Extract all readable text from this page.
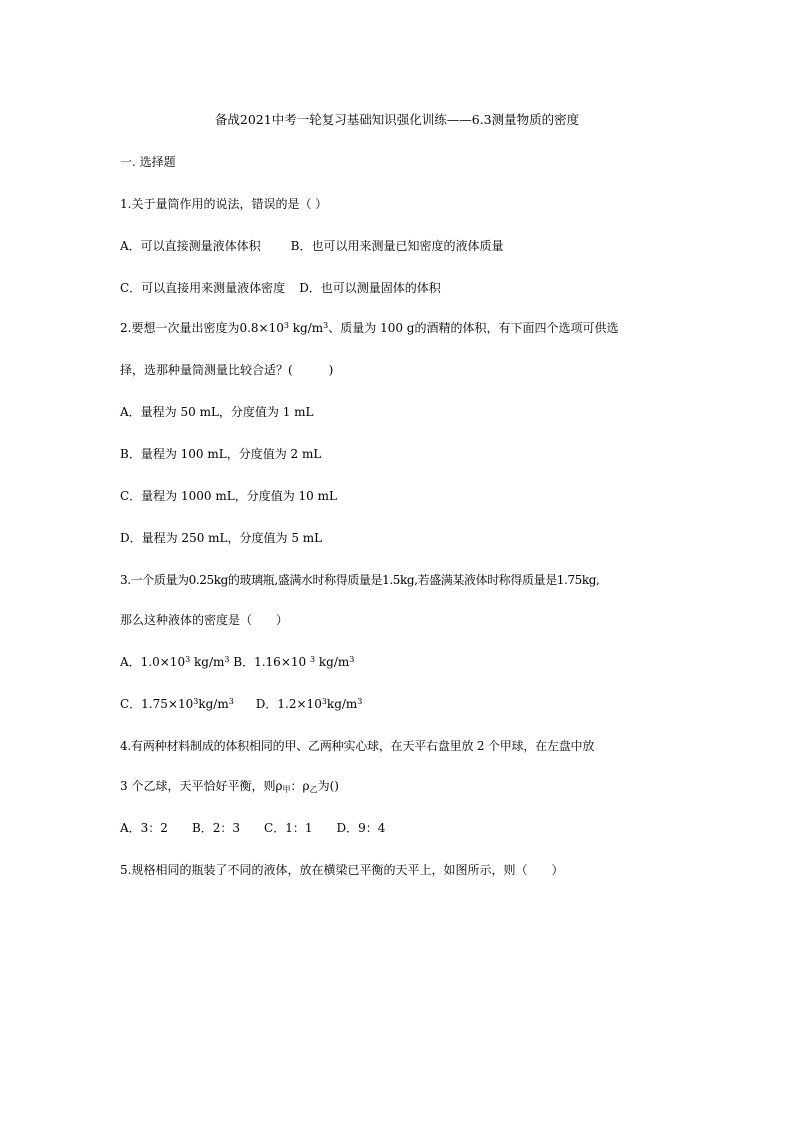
备战2021中考一轮复习基础知识强化训练——6.3测量物质的密度
一. 选择题
1.关于量筒作用的说法，错误的是（ ）
A．可以直接测量液体体积	B．也可以用来测量已知密度的液体质量
C．可以直接用来测量液体密度 D．也可以测量固体的体积
2.要想一次量出密度为$0.8\times 10^3$ $kg/m^3$、质量为 100 g的酒精的体积，有下面四个选项可供选
择，选那种量筒测量比较合适？(　　　)
A．量程为 50 mL，分度值为 1 mL
B．量程为 100 mL，分度值为 2 mL
C．量程为 1000 mL，分度值为 10 mL
D．量程为 250 mL，分度值为 5 mL
3.一个质量为0.25kg的玻璃瓶,盛满水时称得质量是1.5kg,若盛满某液体时称得质量是1.75kg,
那么这种液体的密度是（　　）
A．$1.0\times 10^3$ $kg/m^3$ B．1.16×10 $^3$ $kg/m^3$
C．$1.75\times 10^3kg/m^3$ D．$1.2\times 10^3kg/m^3$
4.有两种材料制成的体积相同的甲、乙两种实心球，在天平右盘里放 2 个甲球，在左盘中放
3 个乙球，天平恰好平衡，则$\rho_甲$：$\rho_乙$为()
A．3：2 B．2：3 C．1：1 D．9：4
5.规格相同的瓶装了不同的液体，放在横梁已平衡的天平上，如图所示，则（　　）
